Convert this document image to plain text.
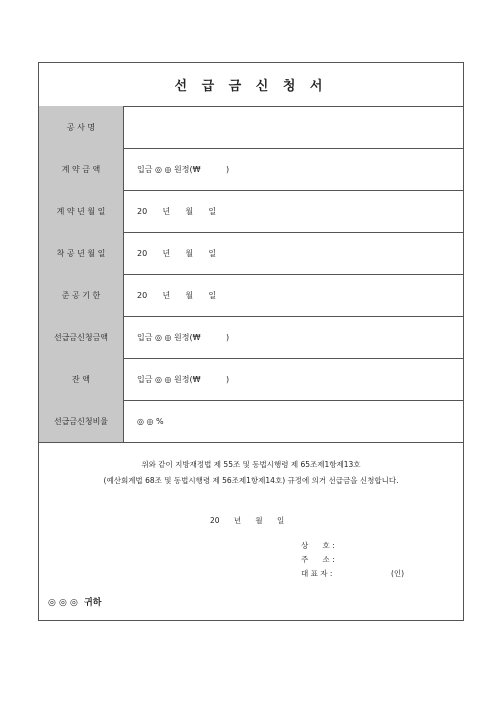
선 급 금 신 청 서
공 사 명
계 약 금 액	입금 ◎ ◎ 원정(₩          )
계 약 년 월 일	20      년      월      일
착 공 년 월 일	20      년      월      일
준 공 기 한	20      년      월      일
선급금신청금액	입금 ◎ ◎ 원정(₩          )
잔 액	입금 ◎ ◎ 원정(₩          )
선급금신청비율	◎ ◎ %
위와 같이 지방재정법 제 55조 및 동법시행령 제 65조제1항제13호
(예산회계법 68조 및 동법시행령 제 56조제1항제14호) 규정에 의거 선급금을 신청합니다.
20      년      월      일
상      호 :
주      소 :
대 표 자 :	(인)
◎ ◎ ◎  귀하
